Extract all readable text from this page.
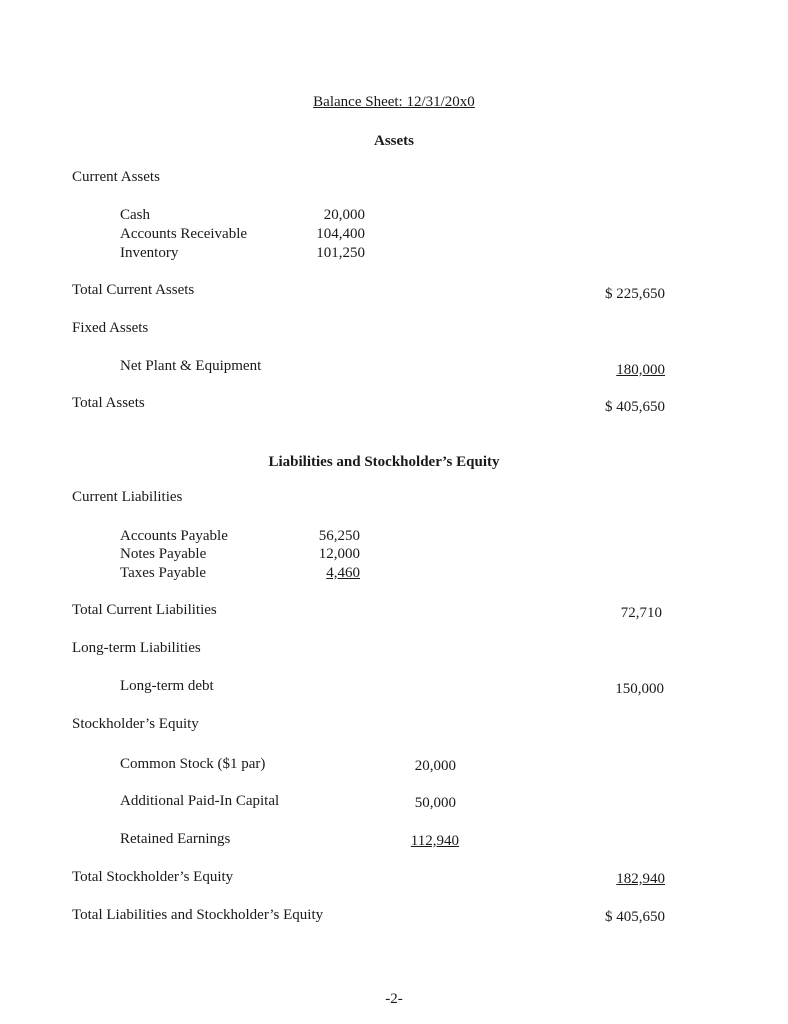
Balance Sheet: 12/31/20x0
Assets
Current Assets
Cash	20,000
Accounts Receivable	104,400
Inventory	101,250
Total Current Assets	$ 225,650
Fixed Assets
Net Plant & Equipment	180,000
Total Assets	$ 405,650
Liabilities and Stockholder’s Equity
Current Liabilities
Accounts Payable	56,250
Notes Payable	12,000
Taxes Payable	4,460
Total Current Liabilities	72,710
Long-term Liabilities
Long-term debt	150,000
Stockholder’s Equity
Common Stock ($1 par)	20,000
Additional Paid-In Capital	50,000
Retained Earnings	112,940
Total Stockholder’s Equity	182,940
Total Liabilities and Stockholder’s Equity	$ 405,650
-2-
